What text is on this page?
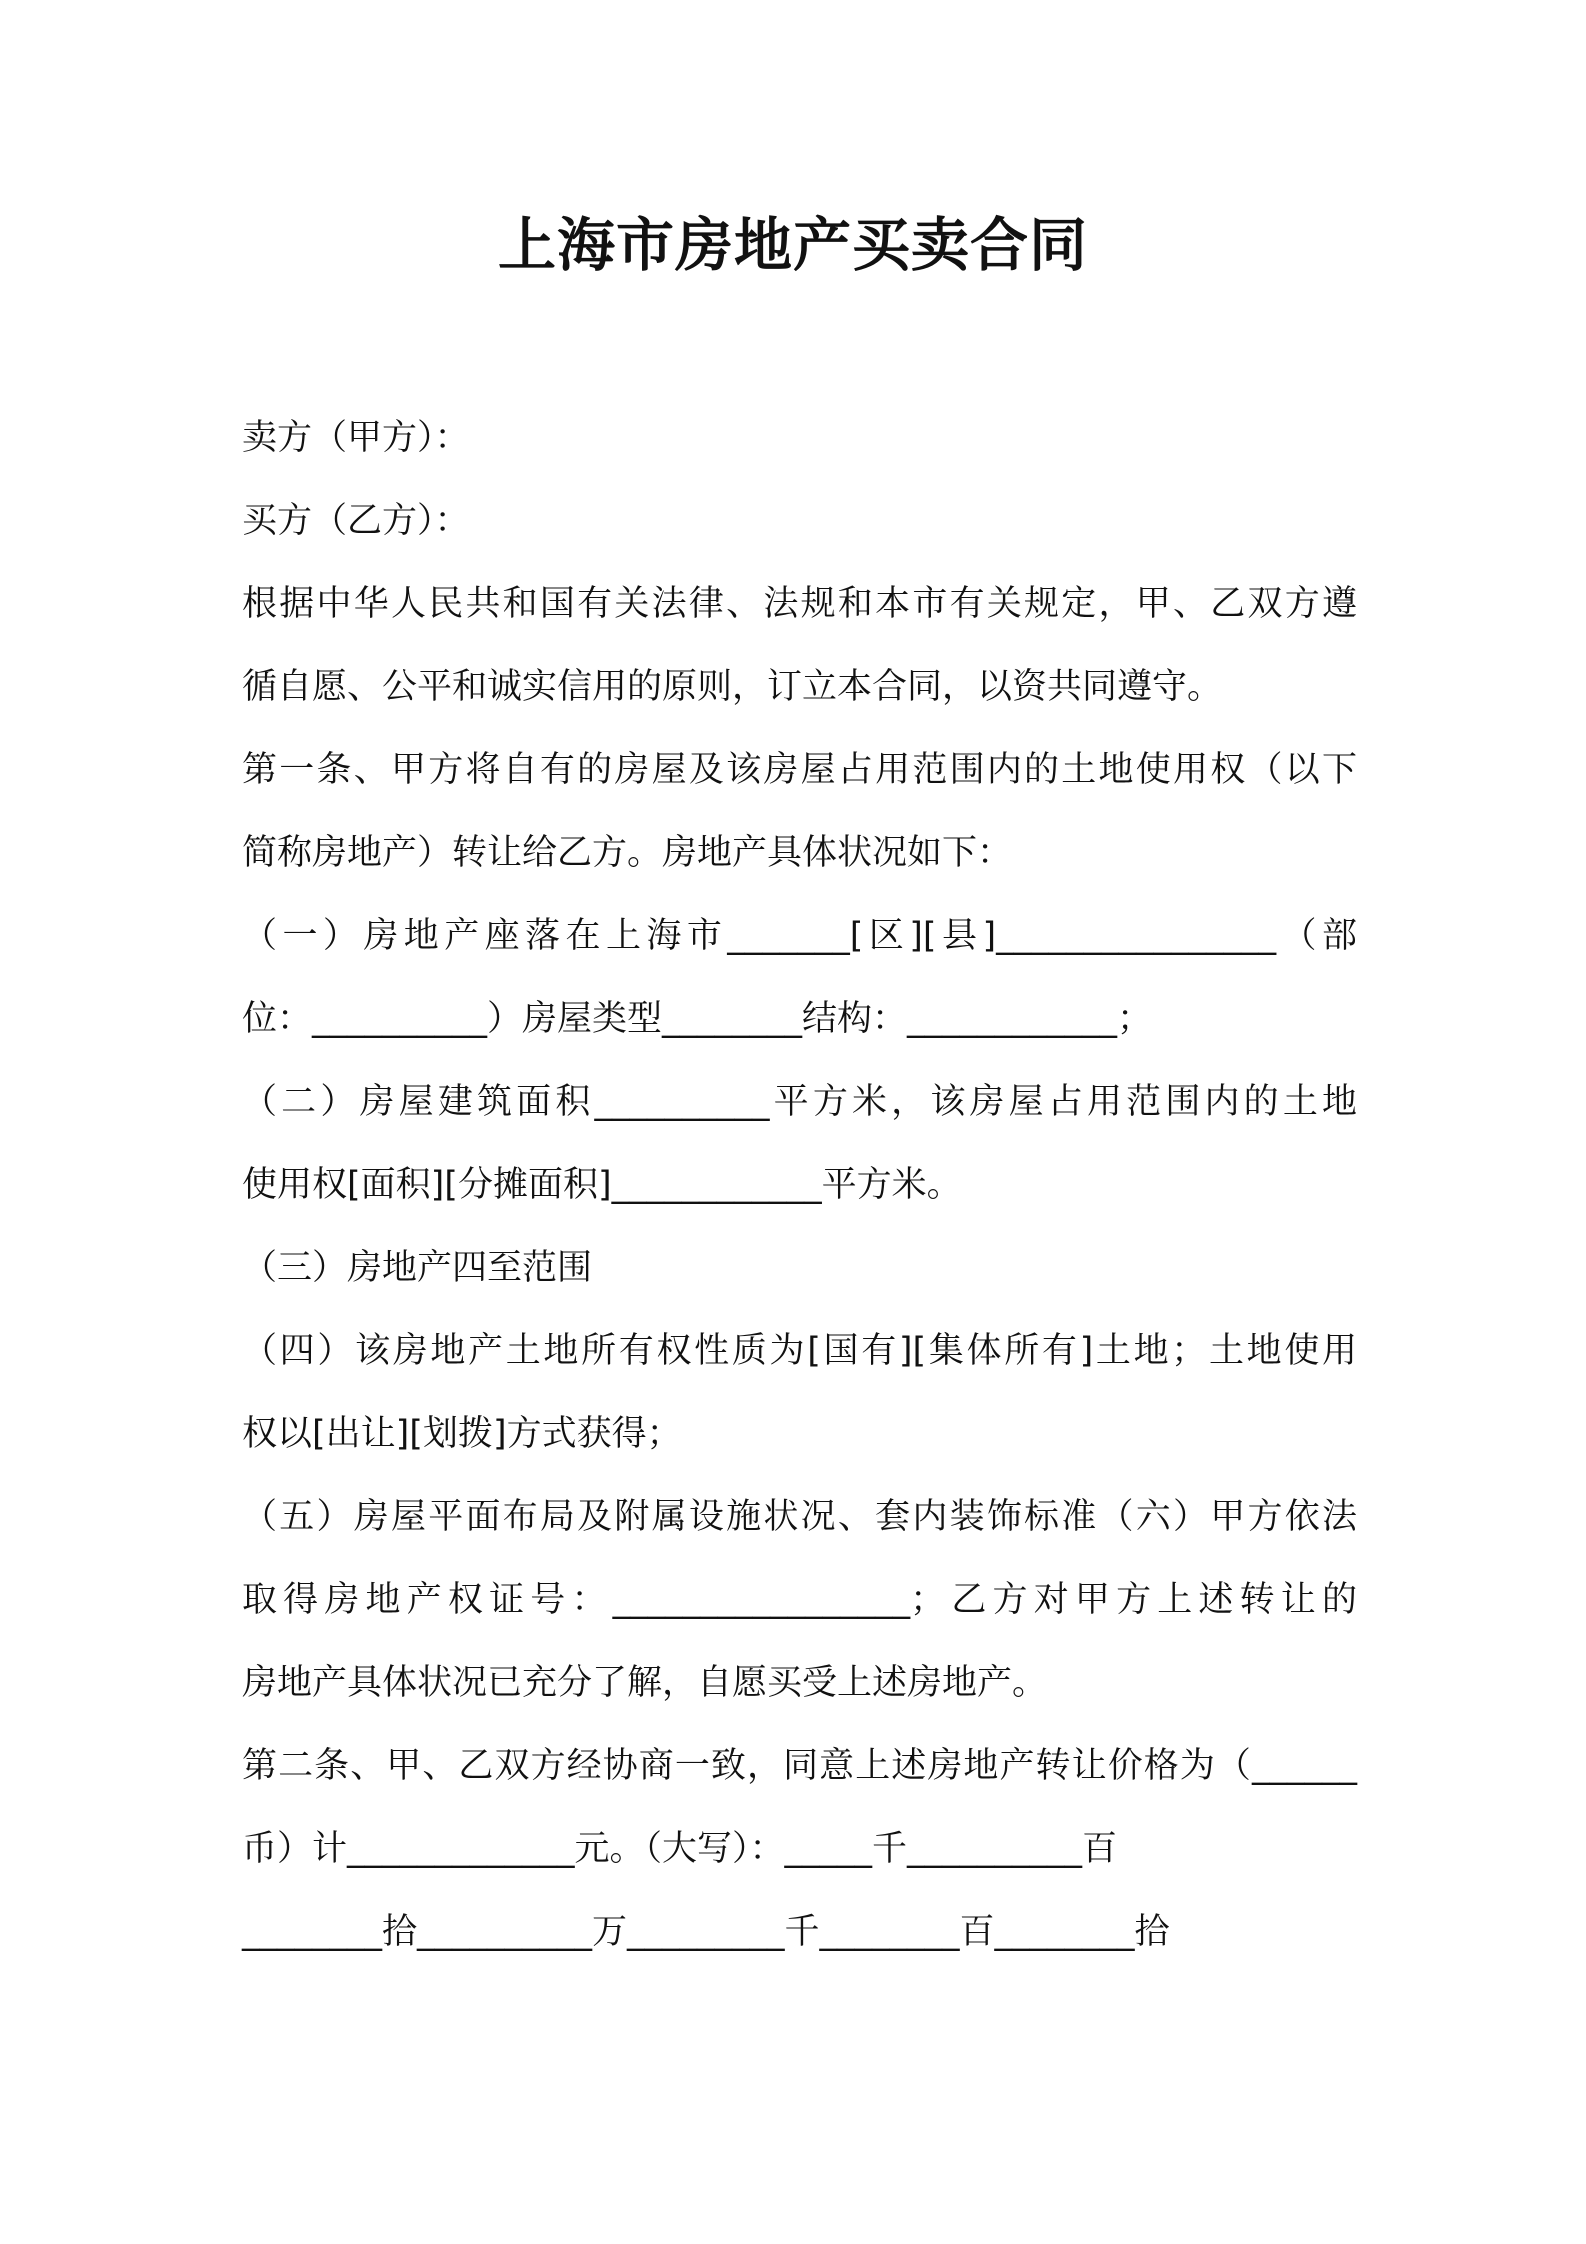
上海市房地产买卖合同
卖方（甲方）：
买方（乙方）：
根据中华人民共和国有关法律、法规和本市有关规定，甲、乙双方遵
循自愿、公平和诚实信用的原则，订立本合同，以资共同遵守。
第一条、甲方将自有的房屋及该房屋占用范围内的土地使用权（以下
简称房地产）转让给乙方。房地产具体状况如下：
（一）房地产座落在上海市_______[区][县]________________（部
位：__________）房屋类型________结构：____________；
（二）房屋建筑面积__________平方米，该房屋占用范围内的土地
使用权[面积][分摊面积]____________平方米。
（三）房地产四至范围
（四）该房地产土地所有权性质为[国有][集体所有]土地；土地使用
权以[出让][划拨]方式获得；
（五）房屋平面布局及附属设施状况、套内装饰标准（六）甲方依法
取得房地产权证号：_________________；乙方对甲方上述转让的
房地产具体状况已充分了解，自愿买受上述房地产。
第二条、甲、乙双方经协商一致，同意上述房地产转让价格为（______
币）计_____________元。（大写）：_____千__________百
________拾__________万_________千________百________拾
